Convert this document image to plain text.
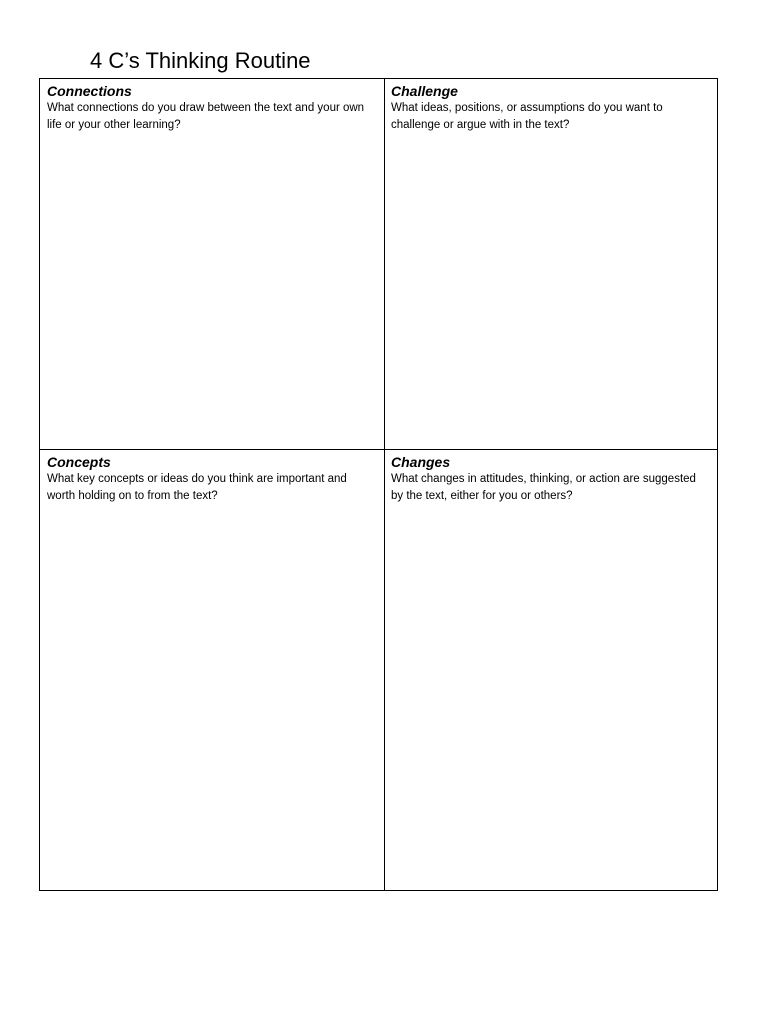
4 C’s Thinking Routine

Connections

What connections do you draw between the text and your own life or your other learning?

Challenge

What ideas, positions, or assumptions do you want to challenge or argue with in the text?

Concepts

What key concepts or ideas do you think are important and worth holding on to from the text?

Changes

What changes in attitudes, thinking, or action are suggested by the text, either for you or others?
